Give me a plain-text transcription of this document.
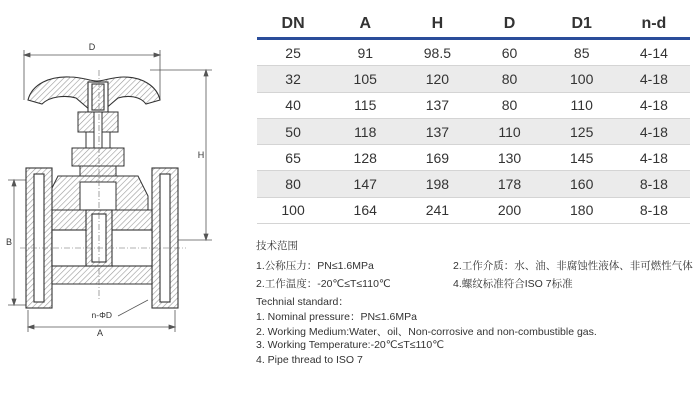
D
H
B
A
n-ΦD
DN	A	H	D	D1	n-d
25	91	98.5	60	85	4-14
32	105	120	80	100	4-18
40	115	137	80	110	4-18
50	118	137	110	125	4-18
65	128	169	130	145	4-18
80	147	198	178	160	8-18
100	164	241	200	180	8-18
技术范围
1.公称压力：PN≤1.6MPa	2.工作介质：水、油、非腐蚀性液体、非可燃性气体
2.工作温度：-20℃≤T≤110℃	4.螺纹标准符合ISO 7标准
Technial standard：
1. Nominal pressure：PN≤1.6MPa
2. Working Medium:Water、oil、Non-corrosive and non-combustible gas.
3. Working Temperature:-20℃≤T≤110℃
4. Pipe thread to ISO 7
